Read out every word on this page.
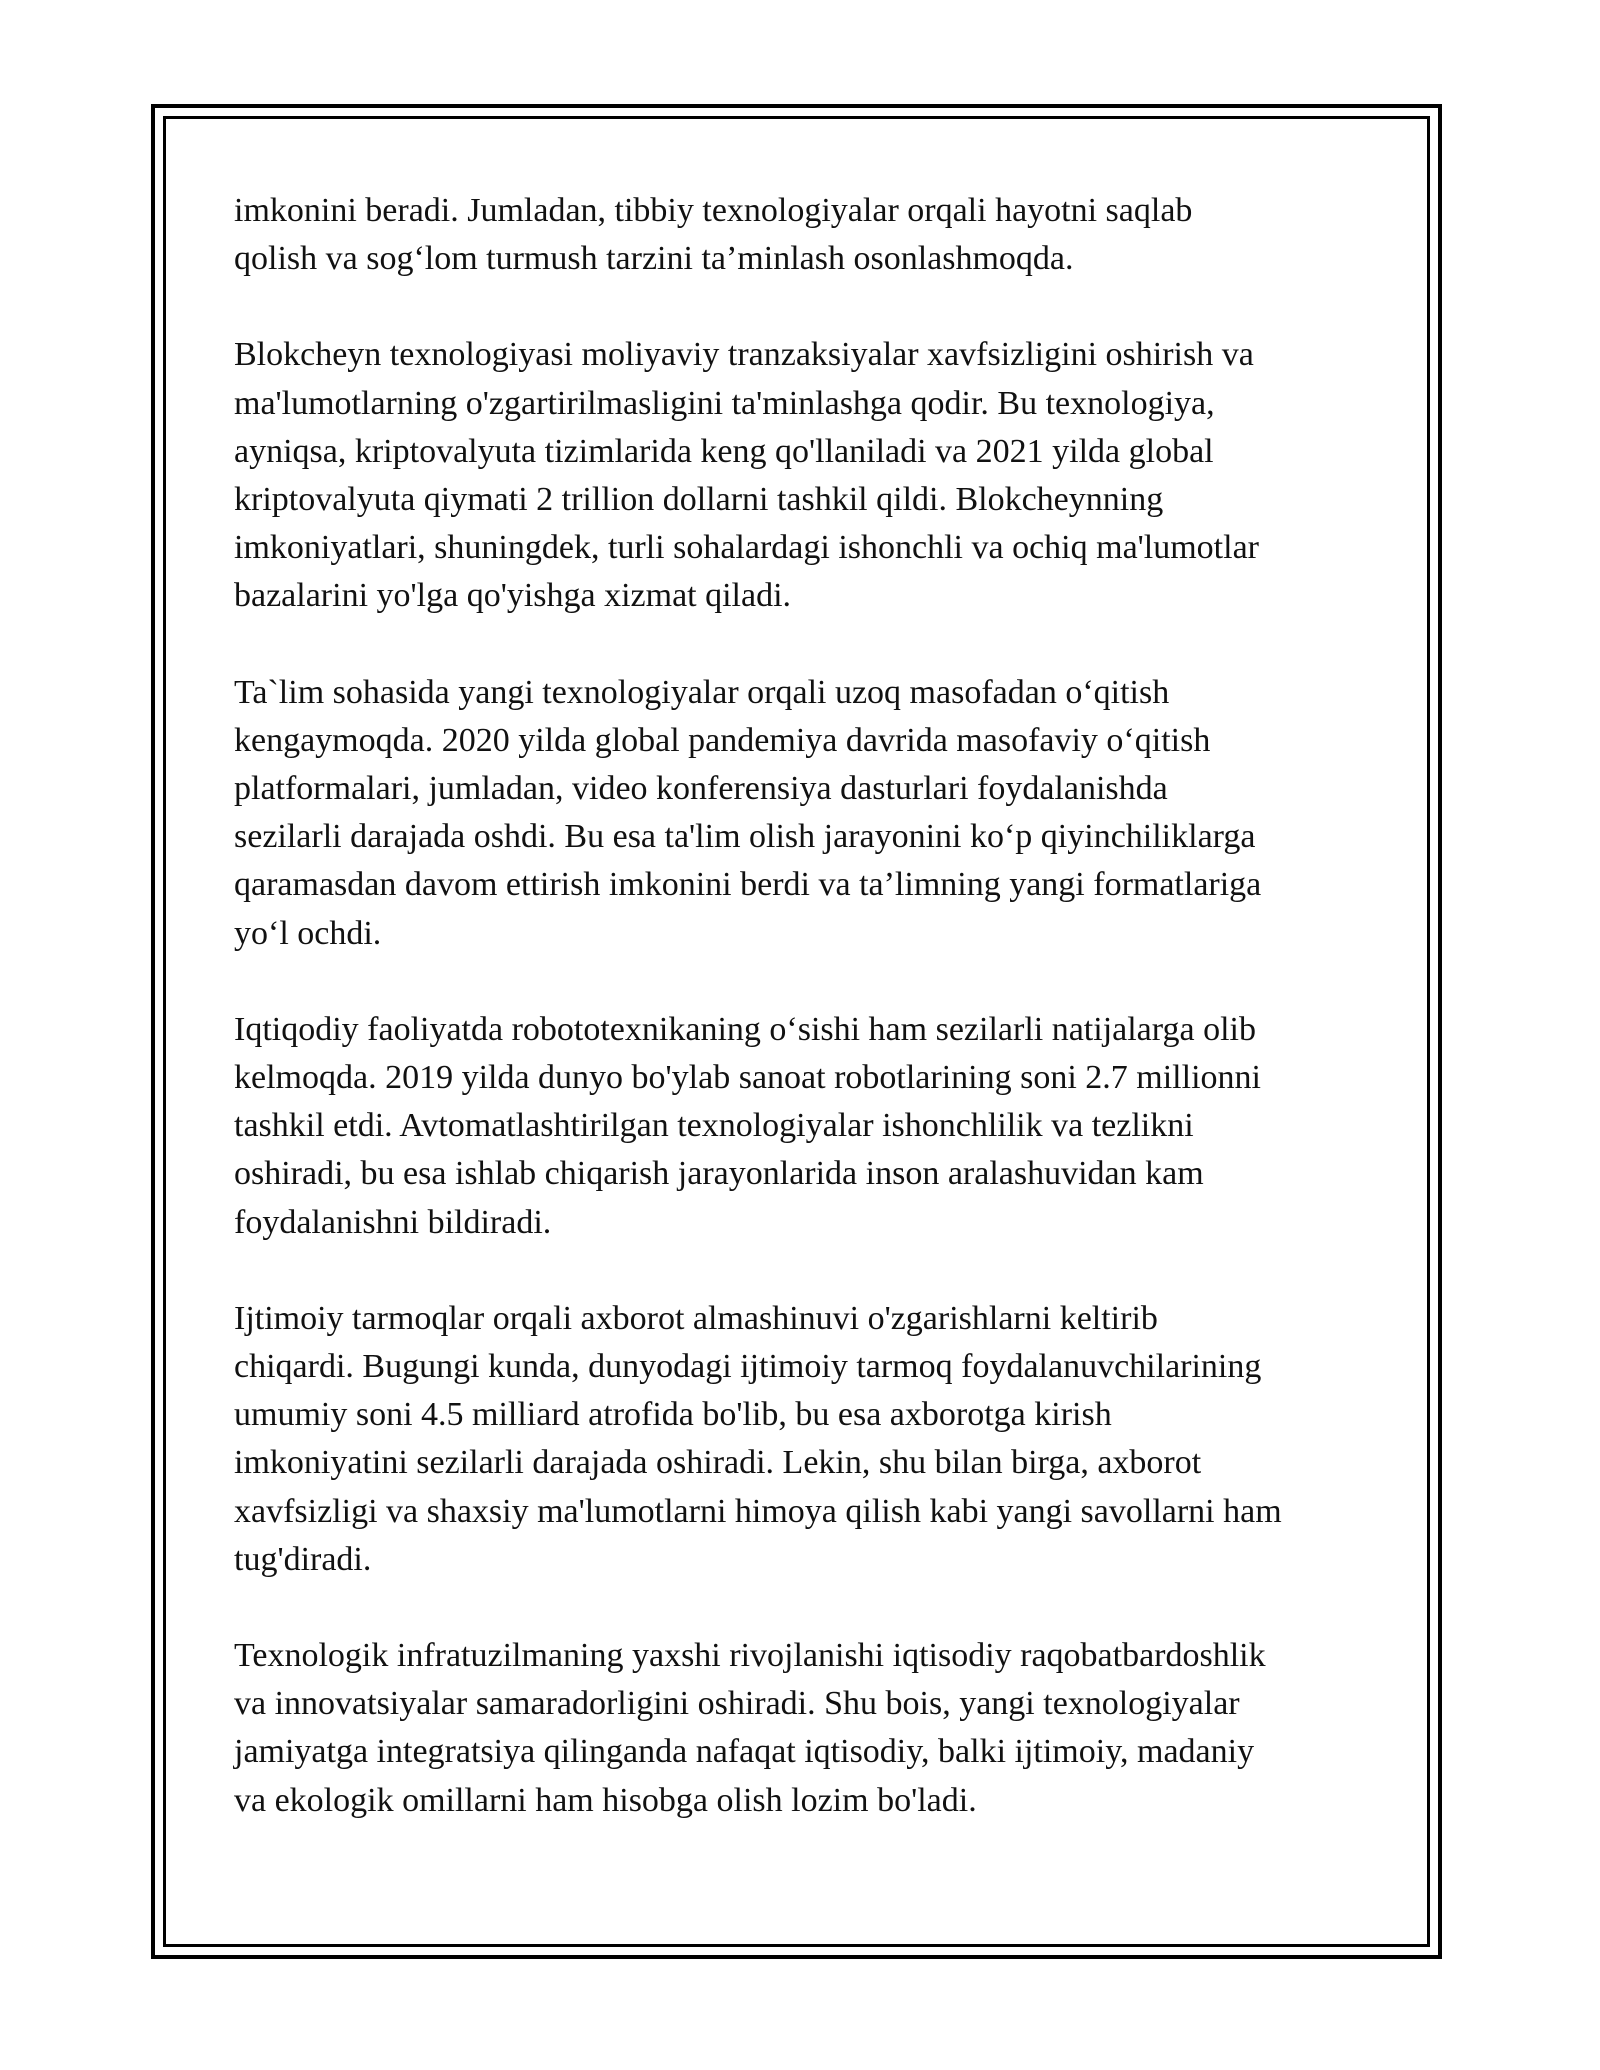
imkonini beradi. Jumladan, tibbiy texnologiyalar orqali hayotni saqlab
qolish va sog‘lom turmush tarzini ta’minlash osonlashmoqda.

Blokcheyn texnologiyasi moliyaviy tranzaksiyalar xavfsizligini oshirish va
ma'lumotlarning o'zgartirilmasligini ta'minlashga qodir. Bu texnologiya,
ayniqsa, kriptovalyuta tizimlarida keng qo'llaniladi va 2021 yilda global
kriptovalyuta qiymati 2 trillion dollarni tashkil qildi. Blokcheynning
imkoniyatlari, shuningdek, turli sohalardagi ishonchli va ochiq ma'lumotlar
bazalarini yo'lga qo'yishga xizmat qiladi.

Ta`lim sohasida yangi texnologiyalar orqali uzoq masofadan o‘qitish
kengaymoqda. 2020 yilda global pandemiya davrida masofaviy o‘qitish
platformalari, jumladan, video konferensiya dasturlari foydalanishda
sezilarli darajada oshdi. Bu esa ta'lim olish jarayonini ko‘p qiyinchiliklarga
qaramasdan davom ettirish imkonini berdi va ta’limning yangi formatlariga
yo‘l ochdi.

Iqtiqodiy faoliyatda robototexnikaning o‘sishi ham sezilarli natijalarga olib
kelmoqda. 2019 yilda dunyo bo'ylab sanoat robotlarining soni 2.7 millionni
tashkil etdi. Avtomatlashtirilgan texnologiyalar ishonchlilik va tezlikni
oshiradi, bu esa ishlab chiqarish jarayonlarida inson aralashuvidan kam
foydalanishni bildiradi.

Ijtimoiy tarmoqlar orqali axborot almashinuvi o'zgarishlarni keltirib
chiqardi. Bugungi kunda, dunyodagi ijtimoiy tarmoq foydalanuvchilarining
umumiy soni 4.5 milliard atrofida bo'lib, bu esa axborotga kirish
imkoniyatini sezilarli darajada oshiradi. Lekin, shu bilan birga, axborot
xavfsizligi va shaxsiy ma'lumotlarni himoya qilish kabi yangi savollarni ham
tug'diradi.

Texnologik infratuzilmaning yaxshi rivojlanishi iqtisodiy raqobatbardoshlik
va innovatsiyalar samaradorligini oshiradi. Shu bois, yangi texnologiyalar
jamiyatga integratsiya qilinganda nafaqat iqtisodiy, balki ijtimoiy, madaniy
va ekologik omillarni ham hisobga olish lozim bo'ladi.
